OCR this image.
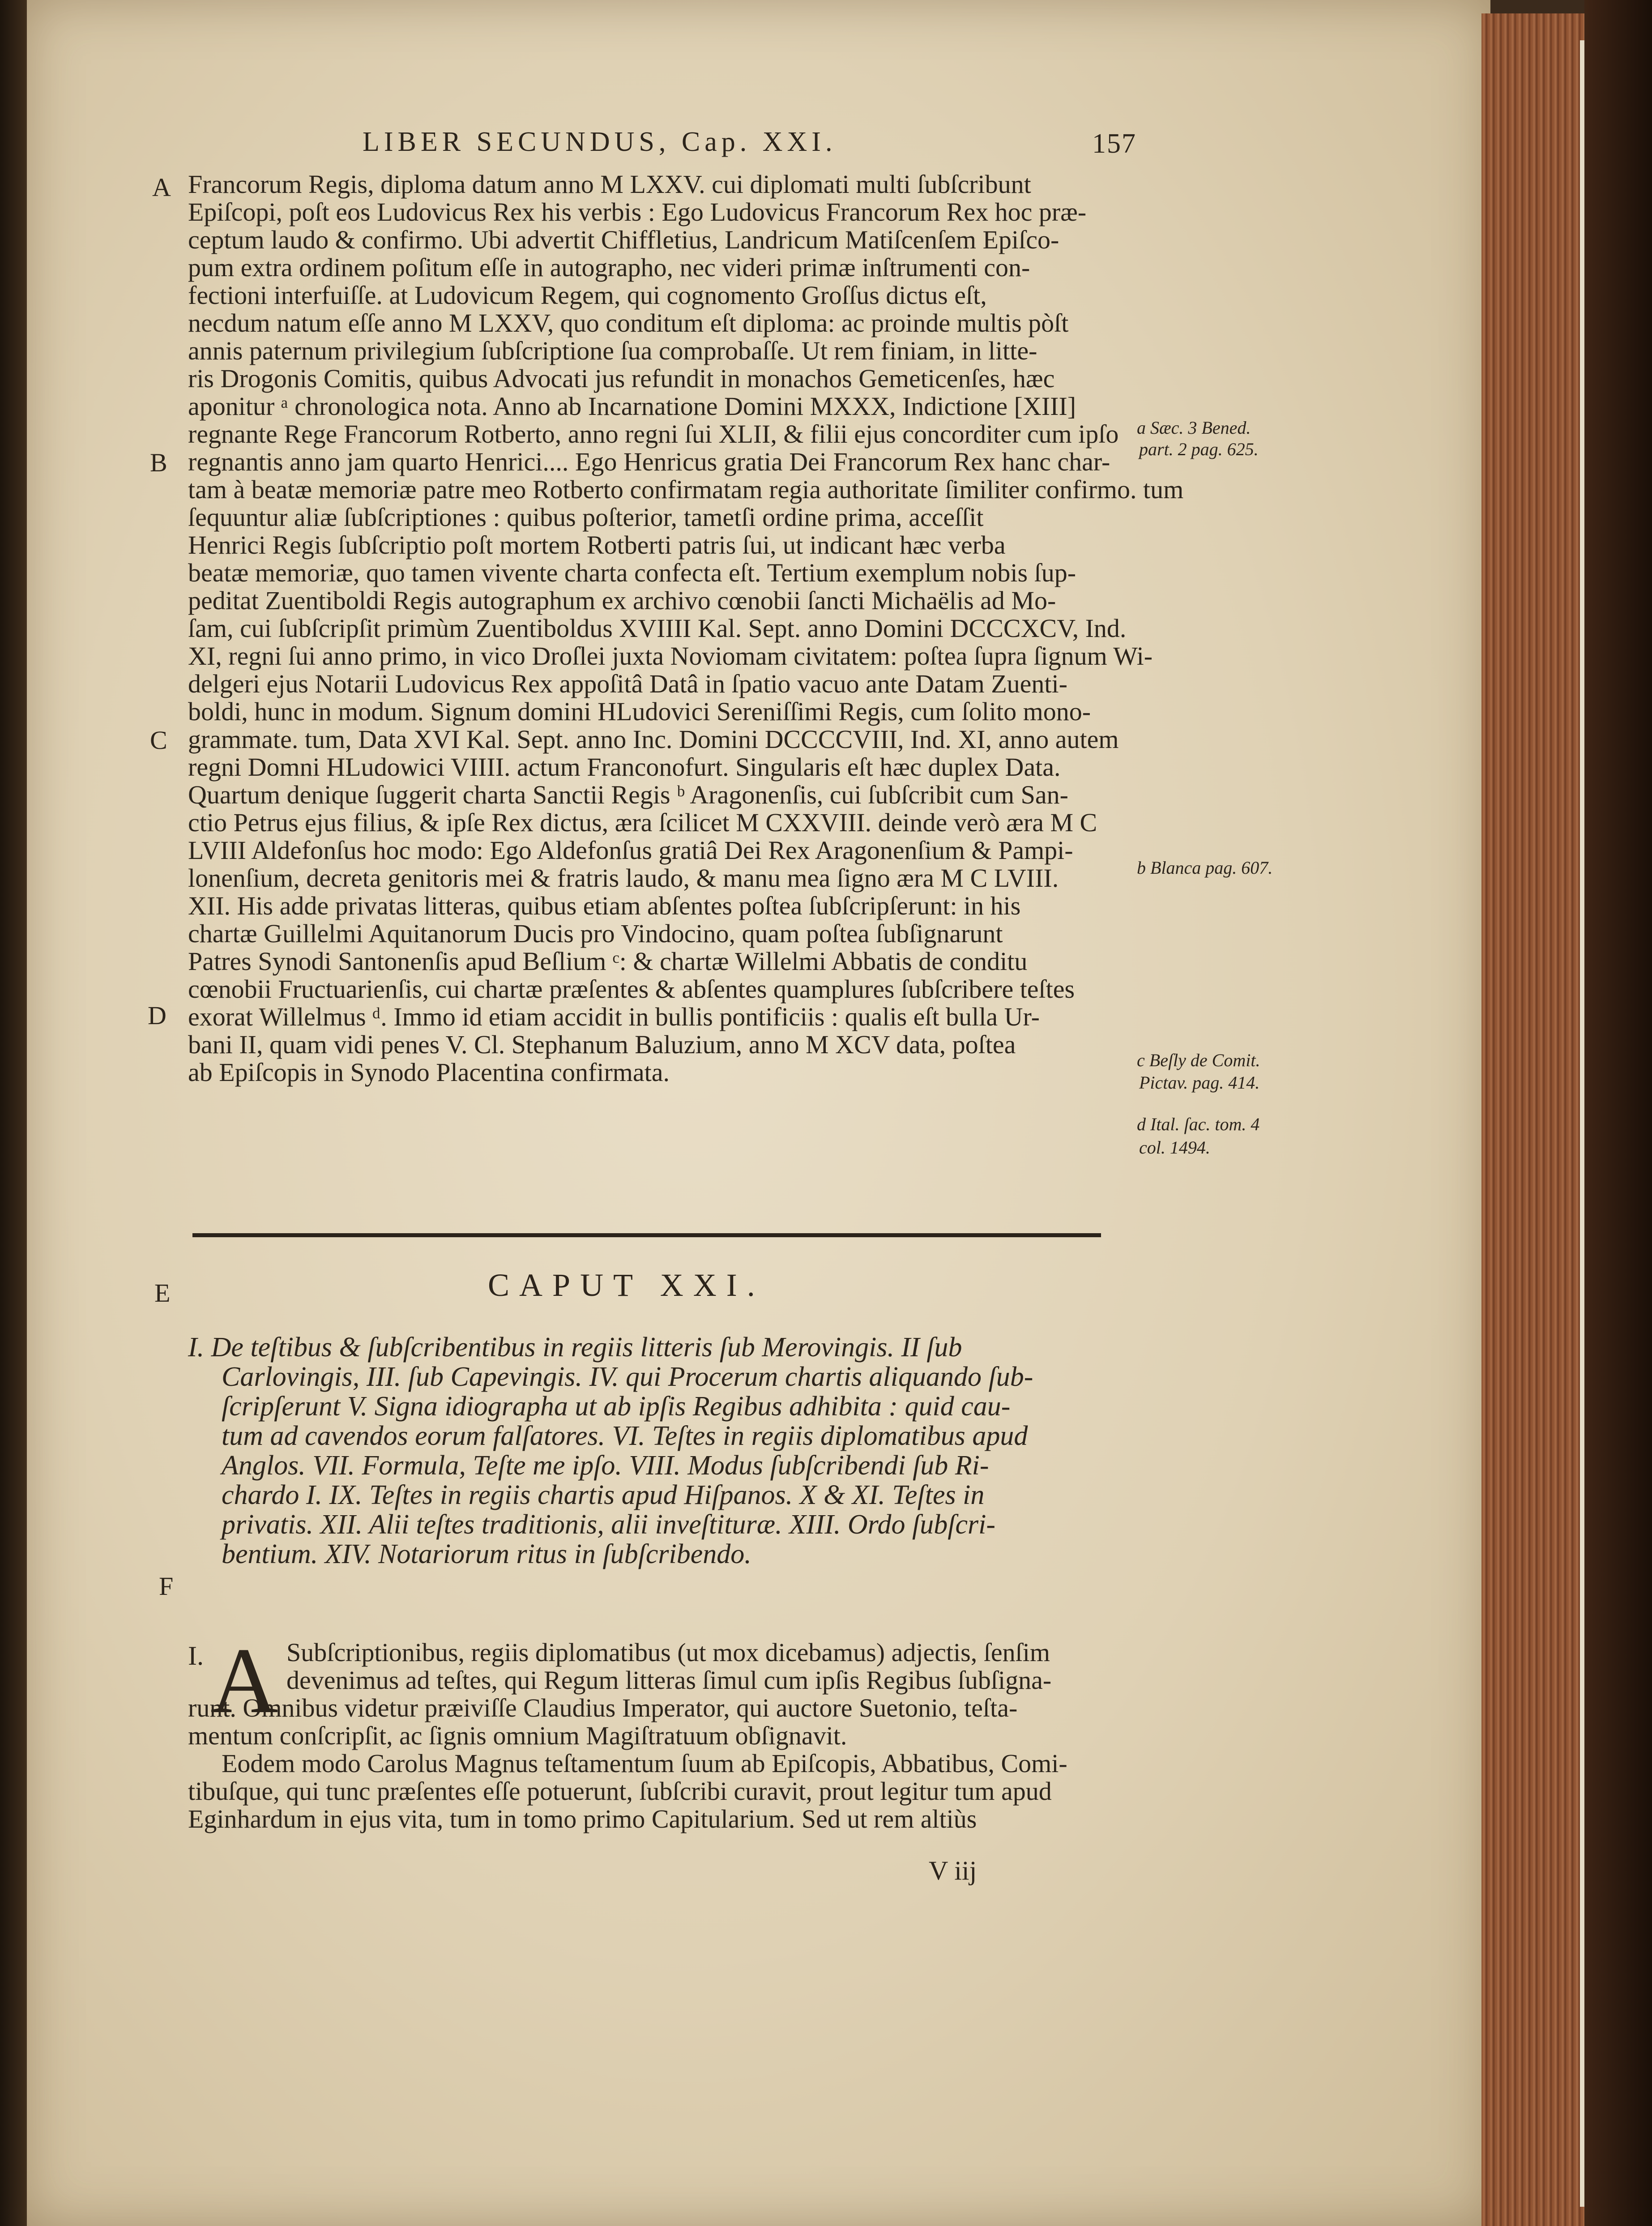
LIBER SECUNDUS, Cap. XXI.	157
A
B
C
D
E
F
Francorum Regis, diploma datum anno M LXXV. cui diplomati multi ſubſcribunt
Epiſcopi, poſt eos Ludovicus Rex his verbis : Ego Ludovicus Francorum Rex hoc præ-
ceptum laudo & confirmo. Ubi advertit Chiffletius, Landricum Matiſcenſem Epiſco-
pum extra ordinem poſitum eſſe in autographo, nec videri primæ inſtrumenti con-
fectioni interfuiſſe. at Ludovicum Regem, qui cognomento Groſſus dictus eſt,
necdum natum eſſe anno M LXXV, quo conditum eſt diploma: ac proinde multis pòſt
annis paternum privilegium ſubſcriptione ſua comprobaſſe. Ut rem finiam, in litte-
ris Drogonis Comitis, quibus Advocati jus refundit in monachos Gemeticenſes, hæc
aponitur ᵃ chronologica nota. Anno ab Incarnatione Domini MXXX, Indictione [XIII]
regnante Rege Francorum Rotberto, anno regni ſui XLII, & filii ejus concorditer cum ipſo
regnantis anno jam quarto Henrici.... Ego Henricus gratia Dei Francorum Rex hanc char-
tam à beatæ memoriæ patre meo Rotberto confirmatam regia authoritate ſimiliter confirmo. tum
ſequuntur aliæ ſubſcriptiones : quibus poſterior, tametſi ordine prima, acceſſit
Henrici Regis ſubſcriptio poſt mortem Rotberti patris ſui, ut indicant hæc verba
beatæ memoriæ, quo tamen vivente charta confecta eſt. Tertium exemplum nobis ſup-
peditat Zuentiboldi Regis autographum ex archivo cœnobii ſancti Michaëlis ad Mo-
ſam, cui ſubſcripſit primùm Zuentiboldus XVIIII Kal. Sept. anno Domini DCCCXCV, Ind.
XI, regni ſui anno primo, in vico Droſlei juxta Noviomam civitatem: poſtea ſupra ſignum Wi-
delgeri ejus Notarii Ludovicus Rex appoſitâ Datâ in ſpatio vacuo ante Datam Zuenti-
boldi, hunc in modum. Signum domini HLudovici Sereniſſimi Regis, cum ſolito mono-
grammate. tum, Data XVI Kal. Sept. anno Inc. Domini DCCCCVIII, Ind. XI, anno autem
regni Domni HLudowici VIIII. actum Franconofurt. Singularis eſt hæc duplex Data.
Quartum denique ſuggerit charta Sanctii Regis ᵇ Aragonenſis, cui ſubſcribit cum San-
ctio Petrus ejus filius, & ipſe Rex dictus, æra ſcilicet M CXXVIII. deinde verò æra M C
LVIII Aldefonſus hoc modo: Ego Aldefonſus gratiâ Dei Rex Aragonenſium & Pampi-
lonenſium, decreta genitoris mei & fratris laudo, & manu mea ſigno æra M C LVIII.
XII. His adde privatas litteras, quibus etiam abſentes poſtea ſubſcripſerunt: in his
chartæ Guillelmi Aquitanorum Ducis pro Vindocino, quam poſtea ſubſignarunt
Patres Synodi Santonenſis apud Beſlium ᶜ: & chartæ Willelmi Abbatis de conditu
cœnobii Fructuarienſis, cui chartæ præſentes & abſentes quamplures ſubſcribere teſtes
exorat Willelmus ᵈ. Immo id etiam accidit in bullis pontificiis : qualis eſt bulla Ur-
bani II, quam vidi penes V. Cl. Stephanum Baluzium, anno M XCV data, poſtea
ab Epiſcopis in Synodo Placentina confirmata.
a Sæc. 3 Bened.
part. 2 pag. 625.
b Blanca pag. 607.
c Beſly de Comit.
Pictav. pag. 414.
d Ital. ſac. tom. 4
col. 1494.
CAPUT XXI.
I. De teſtibus & ſubſcribentibus in regiis litteris ſub Merovingis. II ſub
Carlovingis, III. ſub Capevingis. IV. qui Procerum chartis aliquando ſub-
ſcripſerunt V. Signa idiographa ut ab ipſis Regibus adhibita : quid cau-
tum ad cavendos eorum falſatores. VI. Teſtes in regiis diplomatibus apud
Anglos. VII. Formula, Teſte me ipſo. VIII. Modus ſubſcribendi ſub Ri-
chardo I. IX. Teſtes in regiis chartis apud Hiſpanos. X & XI. Teſtes in
privatis. XII. Alii teſtes traditionis, alii inveſtituræ. XIII. Ordo ſubſcri-
bentium. XIV. Notariorum ritus in ſubſcribendo.
I. A Subſcriptionibus, regiis diplomatibus (ut mox dicebamus) adjectis, ſenſim
devenimus ad teſtes, qui Regum litteras ſimul cum ipſis Regibus ſubſigna-
runt. Omnibus videtur præiviſſe Claudius Imperator, qui auctore Suetonio, teſta-
mentum conſcripſit, ac ſignis omnium Magiſtratuum obſignavit.
Eodem modo Carolus Magnus teſtamentum ſuum ab Epiſcopis, Abbatibus, Comi-
tibuſque, qui tunc præſentes eſſe potuerunt, ſubſcribi curavit, prout legitur tum apud
Eginhardum in ejus vita, tum in tomo primo Capitularium. Sed ut rem altiùs
V iij
